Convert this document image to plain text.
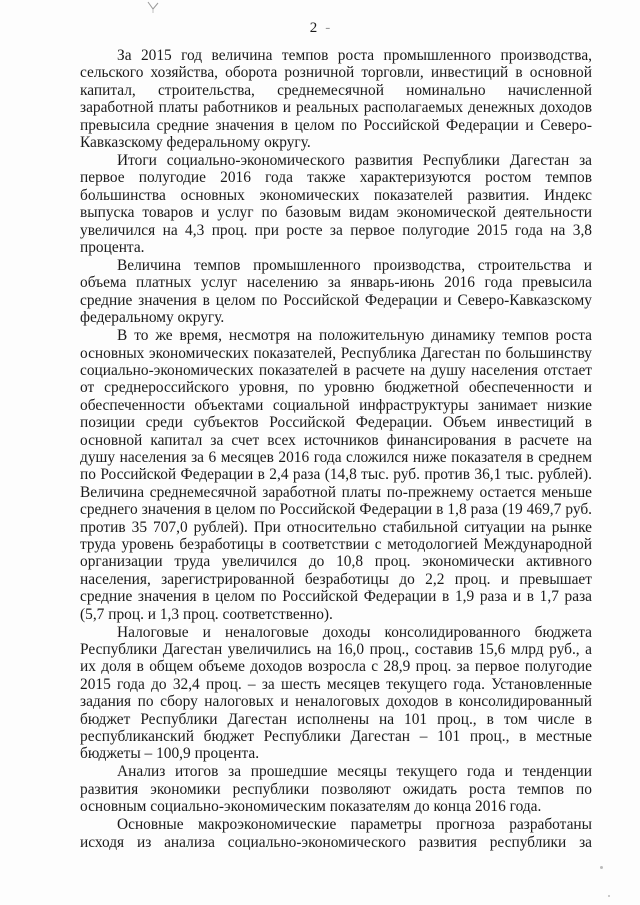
2 -

За 2015 год величина темпов роста промышленного производства, сельского хозяйства, оборота розничной торговли, инвестиций в основной капитал, строительства, среднемесячной номинально начисленной заработной платы работников и реальных располагаемых денежных доходов превысила средние значения в целом по Российской Федерации и Северо-Кавказскому федеральному округу.

Итоги социально-экономического развития Республики Дагестан за первое полугодие 2016 года также характеризуются ростом темпов большинства основных экономических показателей развития. Индекс выпуска товаров и услуг по базовым видам экономической деятельности увеличился на 4,3 проц. при росте за первое полугодие 2015 года на 3,8 процента.

Величина темпов промышленного производства, строительства и объема платных услуг населению за январь-июнь 2016 года превысила средние значения в целом по Российской Федерации и Северо-Кавказскому федеральному округу.

В то же время, несмотря на положительную динамику темпов роста основных экономических показателей, Республика Дагестан по большинству социально-экономических показателей в расчете на душу населения отстает от среднероссийского уровня, по уровню бюджетной обеспеченности и обеспеченности объектами социальной инфраструктуры занимает низкие позиции среди субъектов Российской Федерации. Объем инвестиций в основной капитал за счет всех источников финансирования в расчете на душу населения за 6 месяцев 2016 года сложился ниже показателя в среднем по Российской Федерации в 2,4 раза (14,8 тыс. руб. против 36,1 тыс. рублей). Величина среднемесячной заработной платы по-прежнему остается меньше среднего значения в целом по Российской Федерации в 1,8 раза (19 469,7 руб. против 35 707,0 рублей). При относительно стабильной ситуации на рынке труда уровень безработицы в соответствии с методологией Международной организации труда увеличился до 10,8 проц. экономически активного населения, зарегистрированной безработицы до 2,2 проц. и превышает средние значения в целом по Российской Федерации в 1,9 раза и в 1,7 раза (5,7 проц. и 1,3 проц. соответственно).

Налоговые и неналоговые доходы консолидированного бюджета Республики Дагестан увеличились на 16,0 проц., составив 15,6 млрд руб., а их доля в общем объеме доходов возросла с 28,9 проц. за первое полугодие 2015 года до 32,4 проц. – за шесть месяцев текущего года. Установленные задания по сбору налоговых и неналоговых доходов в консолидированный бюджет Республики Дагестан исполнены на 101 проц., в том числе в республиканский бюджет Республики Дагестан – 101 проц., в местные бюджеты – 100,9 процента.

Анализ итогов за прошедшие месяцы текущего года и тенденции развития экономики республики позволяют ожидать роста темпов по основным социально-экономическим показателям до конца 2016 года.

Основные макроэкономические параметры прогноза разработаны исходя из анализа социально-экономического развития республики за
